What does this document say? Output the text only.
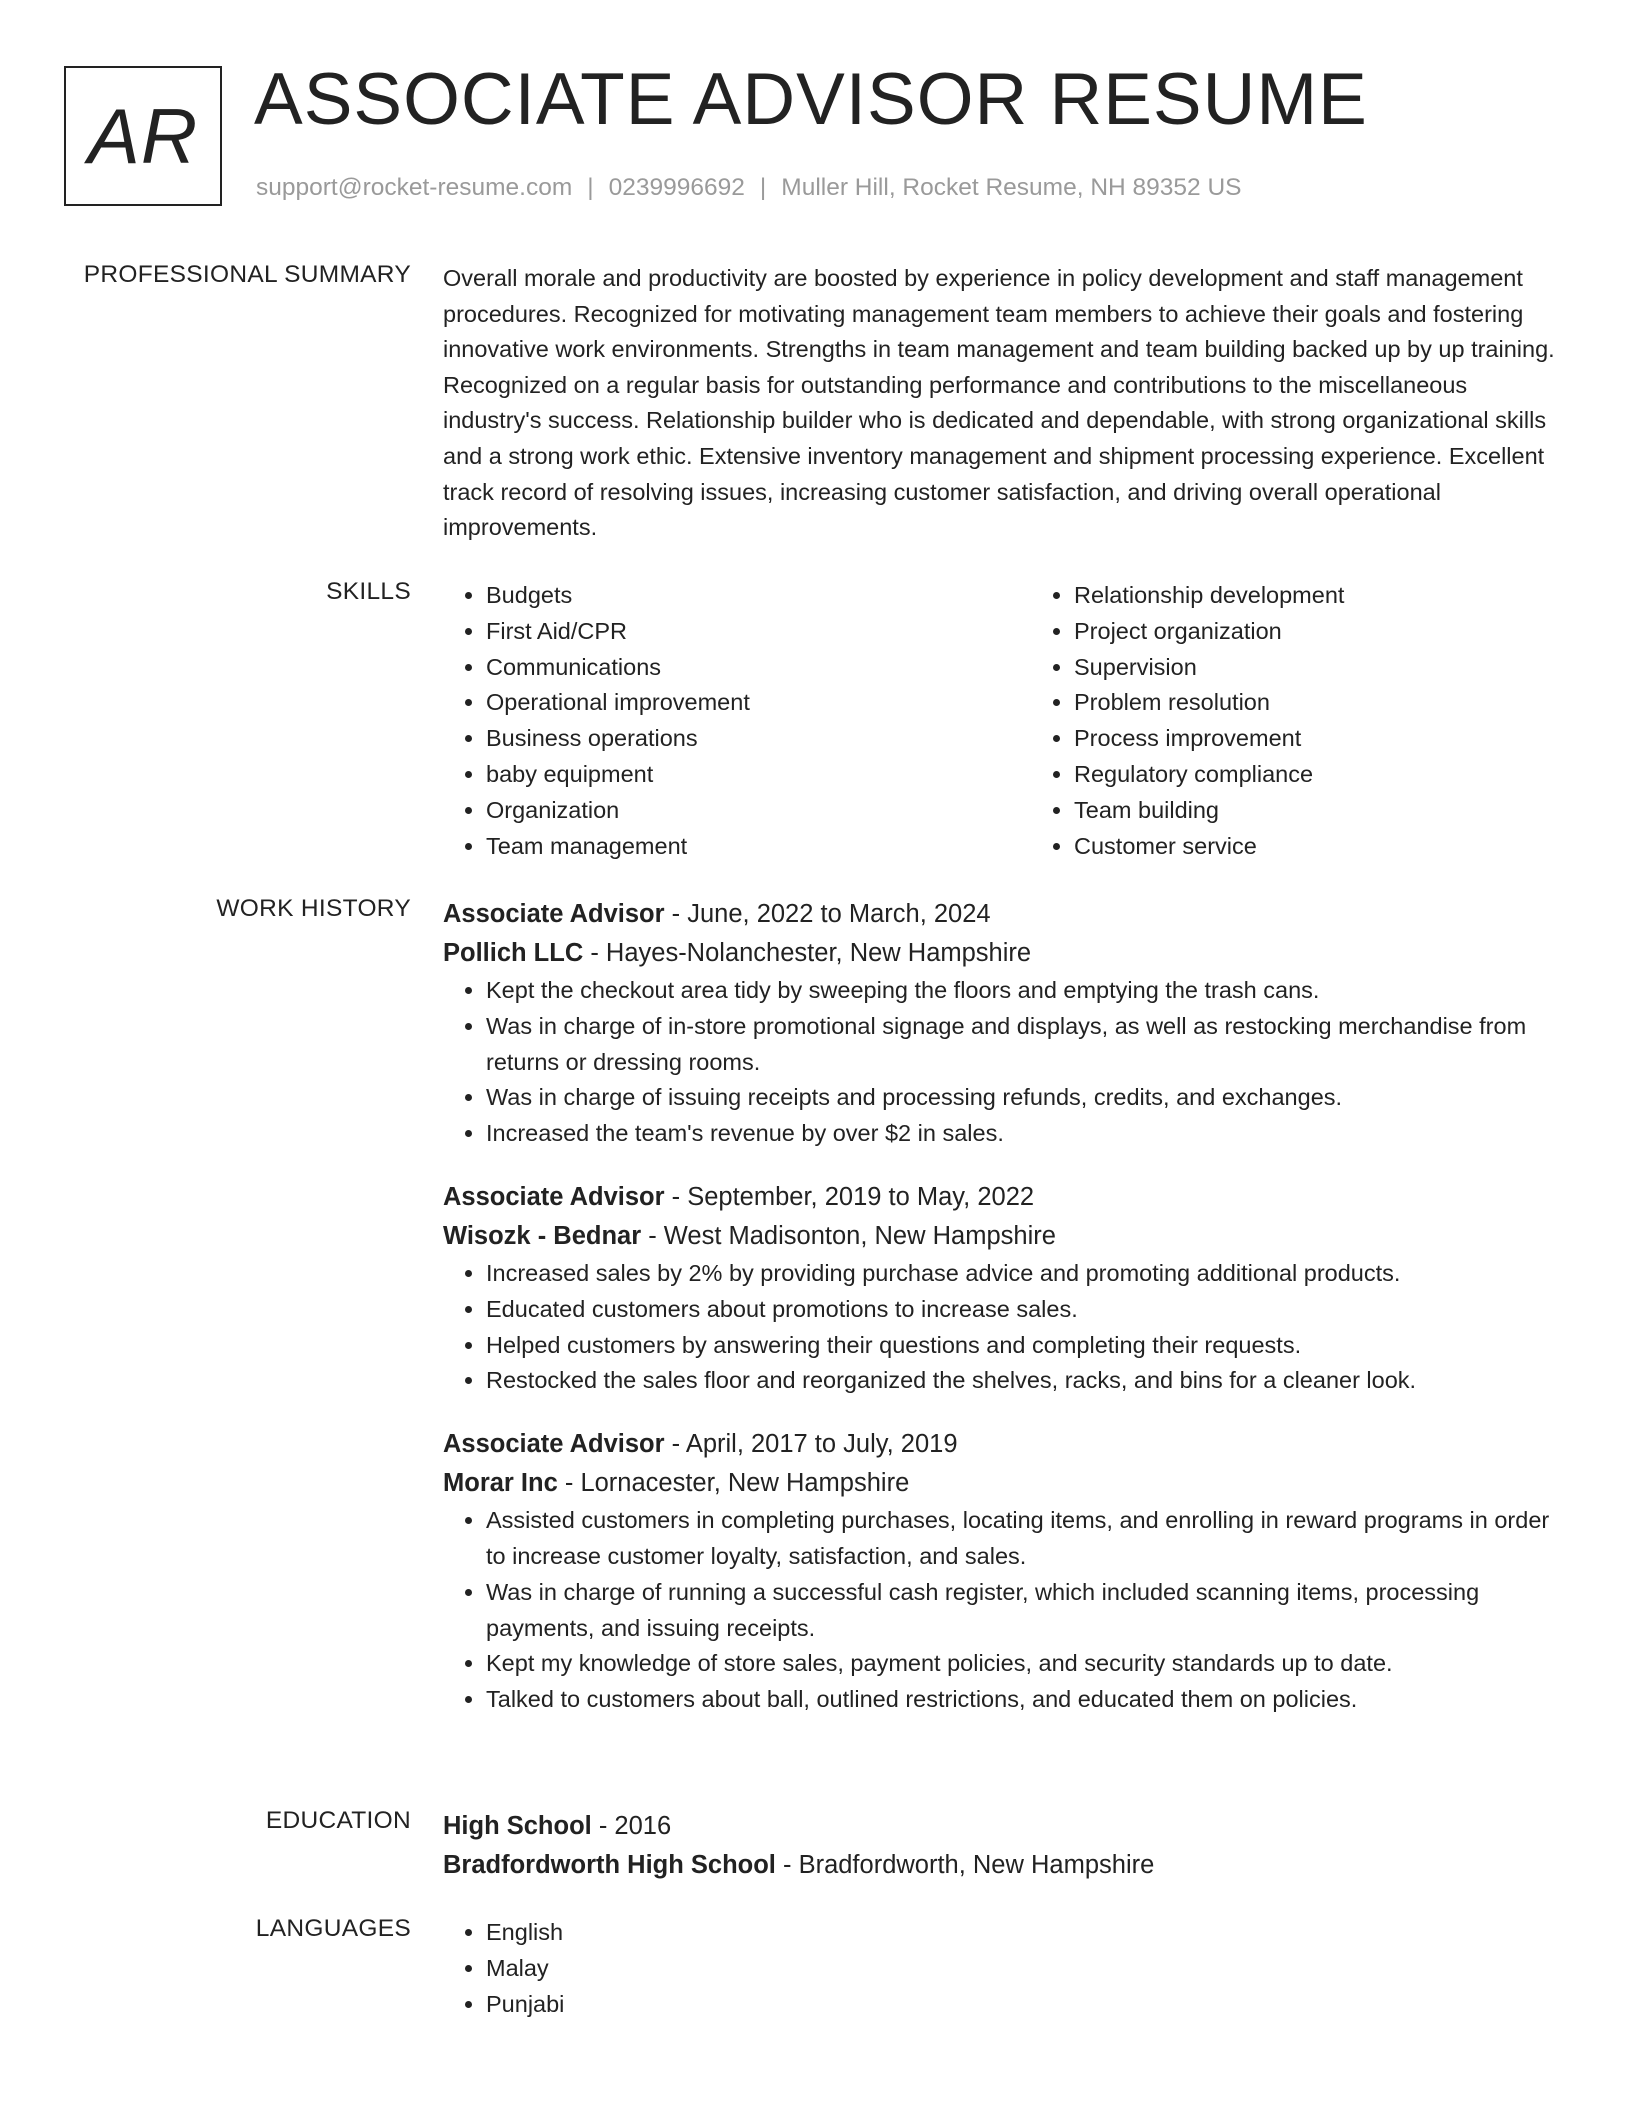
AR ASSOCIATE ADVISOR RESUME
support@rocket-resume.com | 0239996692 | Muller Hill, Rocket Resume, NH 89352 US
PROFESSIONAL SUMMARY Overall morale and productivity are boosted by experience in policy development and staff management procedures. Recognized for motivating management team members to achieve their goals and fostering innovative work environments. Strengths in team management and team building backed up by up training. Recognized on a regular basis for outstanding performance and contributions to the miscellaneous industry's success. Relationship builder who is dedicated and dependable, with strong organizational skills and a strong work ethic. Extensive inventory management and shipment processing experience. Excellent track record of resolving issues, increasing customer satisfaction, and driving overall operational improvements.

SKILLS	• Budgets
• First Aid/CPR
• Communications
• Operational improvement
• Business operations
• baby equipment
• Organization
• Team management
• Relationship development
• Project organization
• Supervision
• Problem resolution
• Process improvement
• Regulatory compliance
• Team building
• Customer service
WORK HISTORY Associate Advisor - June, 2022 to March, 2024
Pollich LLC - Hayes-Nolanchester, New Hampshire
• Kept the checkout area tidy by sweeping the floors and emptying the trash cans.
• Was in charge of in-store promotional signage and displays, as well as restocking merchandise from returns or dressing rooms.
• Was in charge of issuing receipts and processing refunds, credits, and exchanges.
• Increased the team's revenue by over $2 in sales.
Associate Advisor - September, 2019 to May, 2022
Wisozk - Bednar - West Madisonton, New Hampshire
• Increased sales by 2% by providing purchase advice and promoting additional products.
• Educated customers about promotions to increase sales.
• Helped customers by answering their questions and completing their requests.
• Restocked the sales floor and reorganized the shelves, racks, and bins for a cleaner look.
Associate Advisor - April, 2017 to July, 2019
Morar Inc - Lornacester, New Hampshire
• Assisted customers in completing purchases, locating items, and enrolling in reward programs in order to increase customer loyalty, satisfaction, and sales.
• Was in charge of running a successful cash register, which included scanning items, processing payments, and issuing receipts.
• Kept my knowledge of store sales, payment policies, and security standards up to date.
• Talked to customers about ball, outlined restrictions, and educated them on policies.
EDUCATION High School - 2016
Bradfordworth High School - Bradfordworth, New Hampshire
LANGUAGES	• English
• Malay
• Punjabi
